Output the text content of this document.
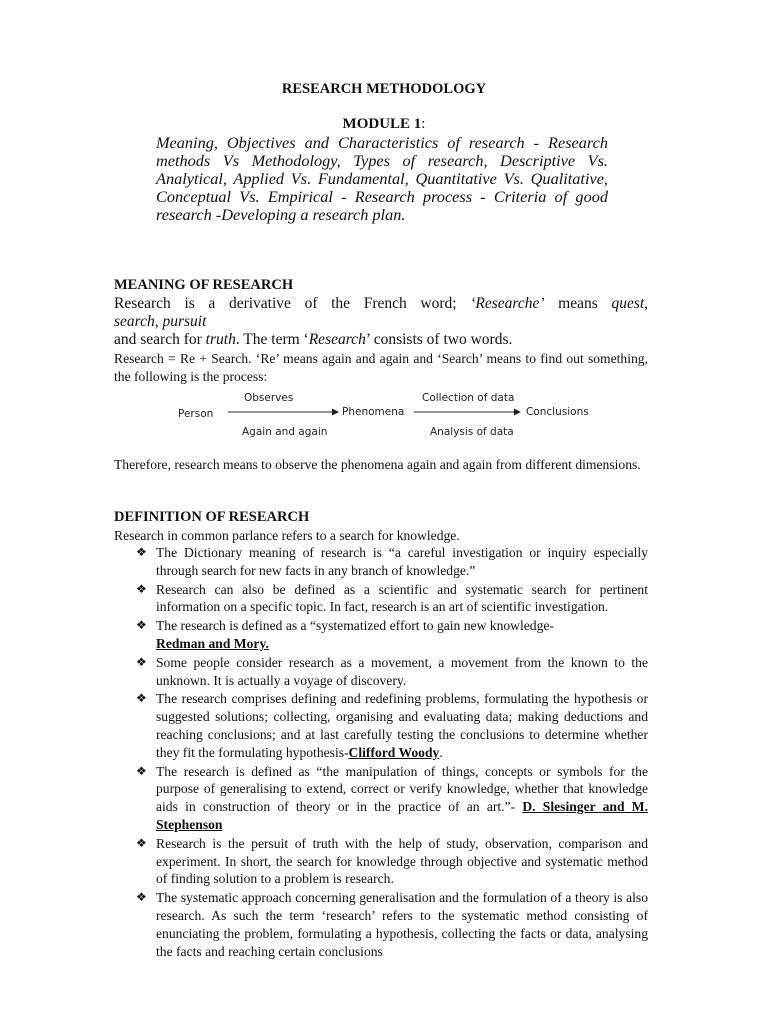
RESEARCH METHODOLOGY
MODULE 1:
Meaning, Objectives and Characteristics of research - Research methods Vs Methodology, Types of research, Descriptive Vs. Analytical, Applied Vs. Fundamental, Quantitative Vs. Qualitative, Conceptual Vs. Empirical - Research process - Criteria of good research -Developing a research plan.
MEANING OF RESEARCH
Research is a derivative of the French word; ‘Researche’ means quest,
search, pursuit
and search for truth. The term ‘Research’ consists of two words.
Research = Re + Search. ‘Re’ means again and again and ‘Search’ means to find out something, the following is the process:
Person
Observes
Again and again
Phenomena
Collection of data
Analysis of data
Conclusions
Therefore, research means to observe the phenomena again and again from different dimensions.
DEFINITION OF RESEARCH
Research in common parlance refers to a search for knowledge.
❖ The Dictionary meaning of research is “a careful investigation or inquiry especially through search for new facts in any branch of knowledge.”
❖ Research can also be defined as a scientific and systematic search for pertinent information on a specific topic. In fact, research is an art of scientific investigation.
❖ The research is defined as a “systematized effort to gain new knowledge-
Redman and Mory.
❖ Some people consider research as a movement, a movement from the known to the unknown. It is actually a voyage of discovery.
❖ The research comprises defining and redefining problems, formulating the hypothesis or suggested solutions; collecting, organising and evaluating data; making deductions and reaching conclusions; and at last carefully testing the conclusions to determine whether they fit the formulating hypothesis-Clifford Woody.
❖ The research is defined as “the manipulation of things, concepts or symbols for the purpose of generalising to extend, correct or verify knowledge, whether that knowledge aids in construction of theory or in the practice of an art.”- D. Slesinger and M. Stephenson
❖ Research is the persuit of truth with the help of study, observation, comparison and experiment. In short, the search for knowledge through objective and systematic method of finding solution to a problem is research.
❖ The systematic approach concerning generalisation and the formulation of a theory is also research. As such the term ‘research’ refers to the systematic method consisting of enunciating the problem, formulating a hypothesis, collecting the facts or data, analysing the facts and reaching certain conclusions
